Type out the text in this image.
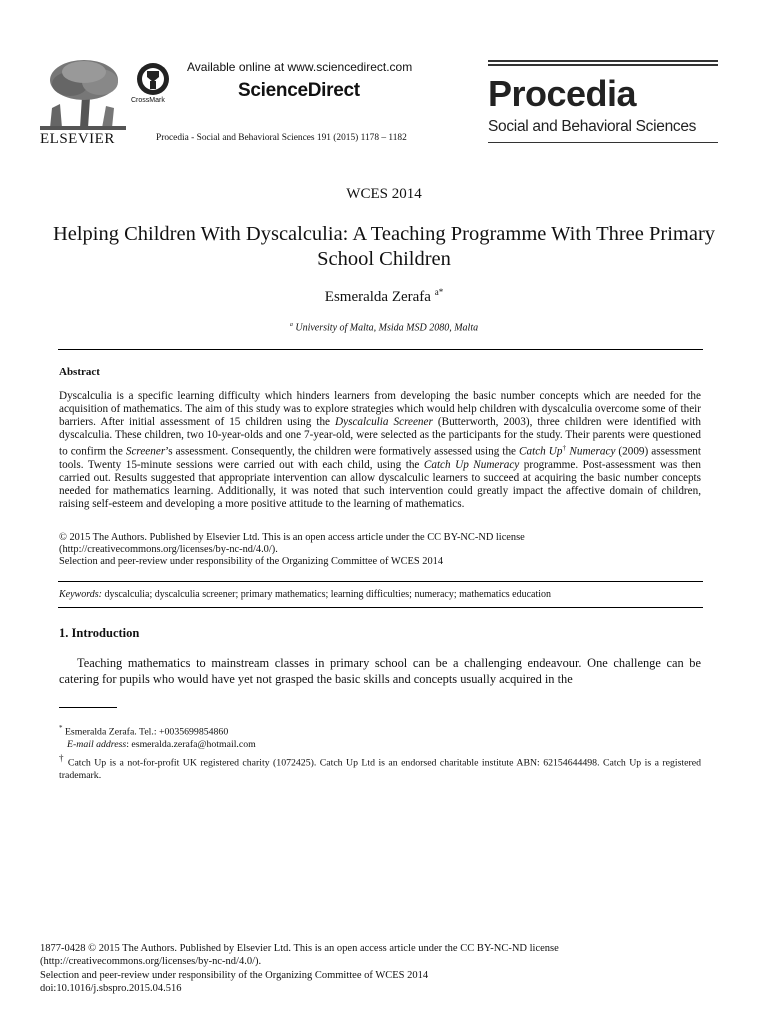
ELSEVIER
CrossMark
Available online at www.sciencedirect.com
ScienceDirect
Procedia - Social and Behavioral Sciences 191 (2015) 1178 – 1182
Procedia
Social and Behavioral Sciences
WCES 2014
Helping Children With Dyscalculia: A Teaching Programme With Three Primary School Children
Esmeralda Zerafa $^{a*}$
$^a$ University of Malta, Msida MSD 2080, Malta
Abstract
Dyscalculia is a specific learning difficulty which hinders learners from developing the basic number concepts which are needed for the acquisition of mathematics. The aim of this study was to explore strategies which would help children with dyscalculia overcome some of their barriers. After initial assessment of 15 children using the Dyscalculia Screener (Butterworth, 2003), three children were identified with dyscalculia. These children, two 10-year-olds and one 7-year-old, were selected as the participants for the study. Their parents were questioned to confirm the Screener’s assessment. Consequently, the children were formatively assessed using the Catch Up† Numeracy (2009) assessment tools. Twenty 15-minute sessions were carried out with each child, using the Catch Up Numeracy programme. Post-assessment was then carried out. Results suggested that appropriate intervention can allow dyscalculic learners to succeed at acquiring the basic number concepts needed for mathematics learning. Additionally, it was noted that such intervention could greatly impact the affective domain of children, raising self-esteem and developing a more positive attitude to the learning of mathematics.
© 2015 The Authors. Published by Elsevier Ltd. This is an open access article under the CC BY-NC-ND license
(http://creativecommons.org/licenses/by-nc-nd/4.0/).
Selection and peer-review under responsibility of the Organizing Committee of WCES 2014
Keywords: dyscalculia; dyscalculia screener; primary mathematics; learning difficulties; numeracy; mathematics education
1. Introduction
Teaching mathematics to mainstream classes in primary school can be a challenging endeavour. One challenge can be catering for pupils who would have yet not grasped the basic skills and concepts usually acquired in the
* Esmeralda Zerafa. Tel.: +0035699854860
E-mail address: esmeralda.zerafa@hotmail.com
† Catch Up is a not-for-profit UK registered charity (1072425). Catch Up Ltd is an endorsed charitable institute ABN: 62154644498. Catch Up is a registered trademark.
1877-0428 © 2015 The Authors. Published by Elsevier Ltd. This is an open access article under the CC BY-NC-ND license
(http://creativecommons.org/licenses/by-nc-nd/4.0/).
Selection and peer-review under responsibility of the Organizing Committee of WCES 2014
doi:10.1016/j.sbspro.2015.04.516
